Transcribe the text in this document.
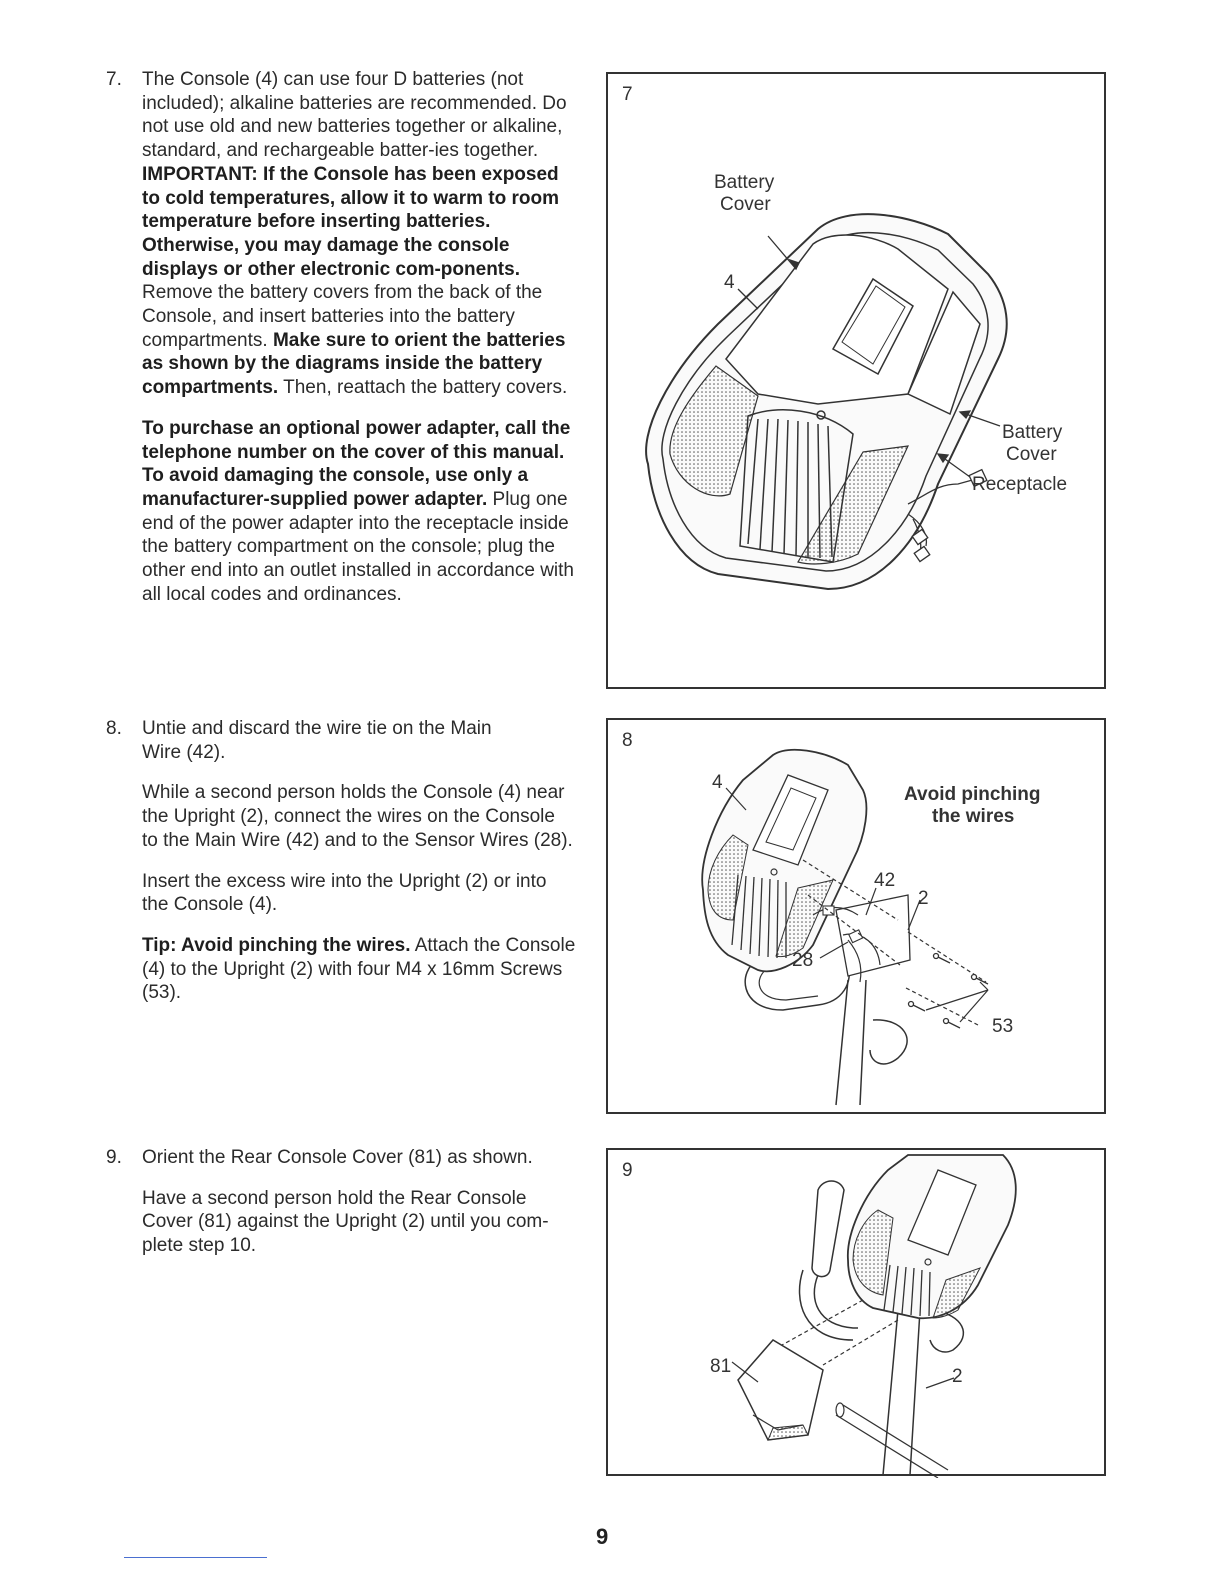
7.	The Console (4) can use four D batteries (not included); alkaline batteries are recommended. Do not use old and new batteries together or alkaline, standard, and rechargeable batter-ies together. IMPORTANT: If the Console has been exposed to cold temperatures, allow it to warm to room temperature before inserting batteries. Otherwise, you may damage the console displays or other electronic com-ponents. Remove the battery covers from the back of the Console, and insert batteries into the battery compartments. Make sure to orient the batteries as shown by the diagrams inside the battery compartments. Then, reattach the battery covers.

To purchase an optional power adapter, call the telephone number on the cover of this manual. To avoid damaging the console, use only a manufacturer-supplied power adapter. Plug one end of the power adapter into the receptacle inside the battery compartment on the console; plug the other end into an outlet installed in accordance with all local codes and ordinances.

8.	Untie and discard the wire tie on the Main Wire (42).

While a second person holds the Console (4) near the Upright (2), connect the wires on the Console to the Main Wire (42) and to the Sensor Wires (28).

Insert the excess wire into the Upright (2) or into the Console (4).

Tip: Avoid pinching the wires. Attach the Console (4) to the Upright (2) with four M4 x 16mm Screws (53).

9.	Orient the Rear Console Cover (81) as shown.

Have a second person hold the Rear Console Cover (81) against the Upright (2) until you com-plete step 10.

7
Battery
Cover
4
Battery
Cover
Receptacle
8
4
Avoid pinching
the wires
42
2
28
53
9
81	2
9
